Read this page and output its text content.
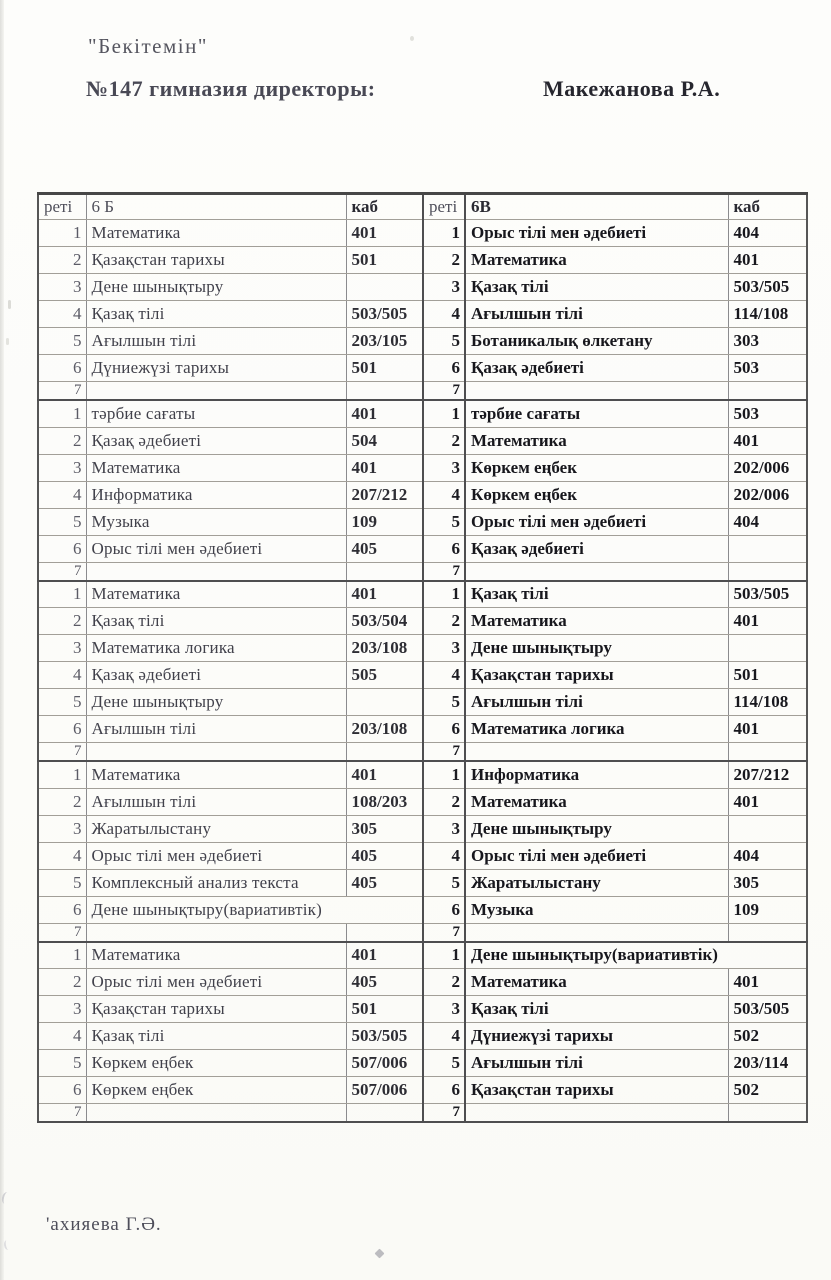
"Бекітемін"
№147 гимназия директоры:	Макежанова Р.А.
реті	6 Б	каб	реті	6В	каб
1	Математика	401	1	Орыс тілі мен әдебиеті	404
2	Қазақстан тарихы	501	2	Математика	401
3	Дене шынықтыру		3	Қазақ тілі	503/505
4	Қазақ тілі	503/505	4	Ағылшын тілі	114/108
5	Ағылшын тілі	203/105	5	Ботаникалық өлкетану	303
6	Дүниежүзі тарихы	501	6	Қазақ әдебиеті	503
7			7		
1	тәрбие сағаты	401	1	тәрбие сағаты	503
2	Қазақ әдебиеті	504	2	Математика	401
3	Математика	401	3	Көркем еңбек	202/006
4	Информатика	207/212	4	Көркем еңбек	202/006
5	Музыка	109	5	Орыс тілі мен әдебиеті	404
6	Орыс тілі мен әдебиеті	405	6	Қазақ әдебиеті	
7			7		
1	Математика	401	1	Қазақ тілі	503/505
2	Қазақ тілі	503/504	2	Математика	401
3	Математика логика	203/108	3	Дене шынықтыру	
4	Қазақ әдебиеті	505	4	Қазақстан тарихы	501
5	Дене шынықтыру		5	Ағылшын тілі	114/108
6	Ағылшын тілі	203/108	6	Математика логика	401
7			7		
1	Математика	401	1	Информатика	207/212
2	Ағылшын тілі	108/203	2	Математика	401
3	Жаратылыстану	305	3	Дене шынықтыру	
4	Орыс тілі мен әдебиеті	405	4	Орыс тілі мен әдебиеті	404
5	Комплексный анализ текста	405	5	Жаратылыстану	305
6	Дене шынықтыру(вариативтік)		6	Музыка	109
7			7		
1	Математика	401	1	Дене шынықтыру(вариативтік)	
2	Орыс тілі мен әдебиеті	405	2	Математика	401
3	Қазақстан тарихы	501	3	Қазақ тілі	503/505
4	Қазақ тілі	503/505	4	Дүниежүзі тарихы	502
5	Көркем еңбек	507/006	5	Ағылшын тілі	203/114
6	Көркем еңбек	507/006	6	Қазақстан тарихы	502
7			7		
'ахияева Г.Ә.
